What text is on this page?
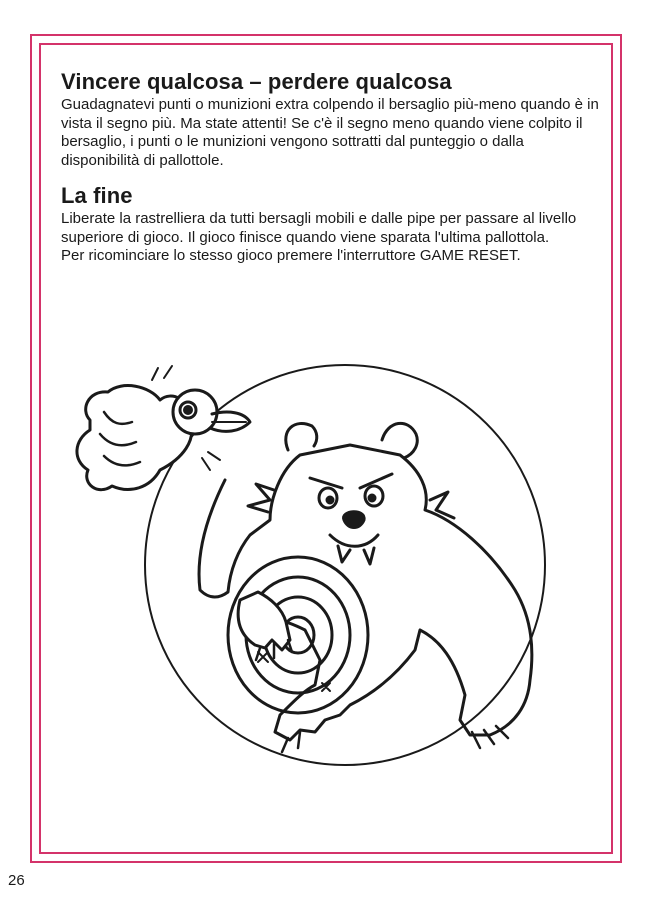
Vincere qualcosa – perdere qualcosa

Guadagnatevi punti o munizioni extra colpendo il bersaglio più-meno quando è in vista il segno più. Ma state attenti! Se c'è il segno meno quando viene colpito il bersaglio, i punti o le munizioni vengono sottratti dal punteggio o dalla disponibilità di pallottole.

La fine

Liberate la rastrelliera da tutti bersagli mobili e dalle pipe per passare al livello superiore di gioco. Il gioco finisce quando viene sparata l'ultima pallottola.

Per ricominciare lo stesso gioco premere l'interruttore GAME RESET.

26
